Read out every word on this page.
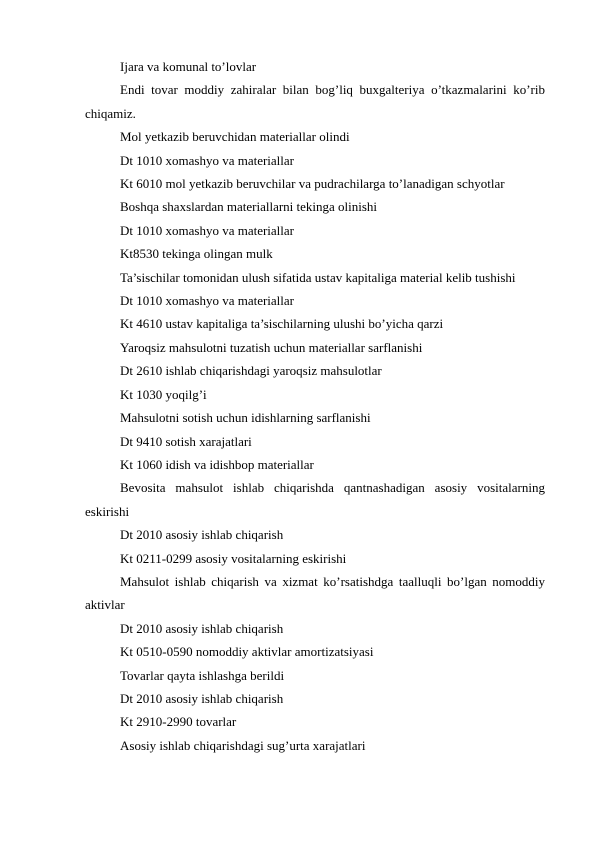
Ijara va komunal to’lovlar

Endi tovar moddiy zahiralar bilan bog’liq buxgalteriya o’tkazmalarini ko’rib chiqamiz.

Mol yetkazib beruvchidan materiallar olindi

Dt 1010 xomashyo va materiallar

Kt 6010 mol yetkazib beruvchilar va pudrachilarga to’lanadigan schyotlar

Boshqa shaxslardan materiallarni tekinga olinishi

Dt 1010 xomashyo va materiallar

Kt8530 tekinga olingan mulk

Ta’sischilar tomonidan ulush sifatida ustav kapitaliga material kelib tushishi

Dt 1010 xomashyo va materiallar

Kt 4610 ustav kapitaliga ta’sischilarning ulushi bo’yicha qarzi

Yaroqsiz mahsulotni tuzatish uchun materiallar sarflanishi

Dt 2610 ishlab chiqarishdagi yaroqsiz mahsulotlar

Kt 1030 yoqilg’i

Mahsulotni sotish uchun idishlarning sarflanishi

Dt 9410 sotish xarajatlari

Kt 1060 idish va idishbop materiallar

Bevosita mahsulot ishlab chiqarishda qantnashadigan asosiy vositalarning eskirishi

Dt 2010 asosiy ishlab chiqarish

Kt 0211-0299 asosiy vositalarning eskirishi

Mahsulot ishlab chiqarish va xizmat ko’rsatishdga taalluqli bo’lgan nomoddiy aktivlar

Dt 2010 asosiy ishlab chiqarish

Kt 0510-0590 nomoddiy aktivlar amortizatsiyasi

Tovarlar qayta ishlashga berildi

Dt 2010 asosiy ishlab chiqarish

Kt 2910-2990 tovarlar

Asosiy ishlab chiqarishdagi sug’urta xarajatlari
